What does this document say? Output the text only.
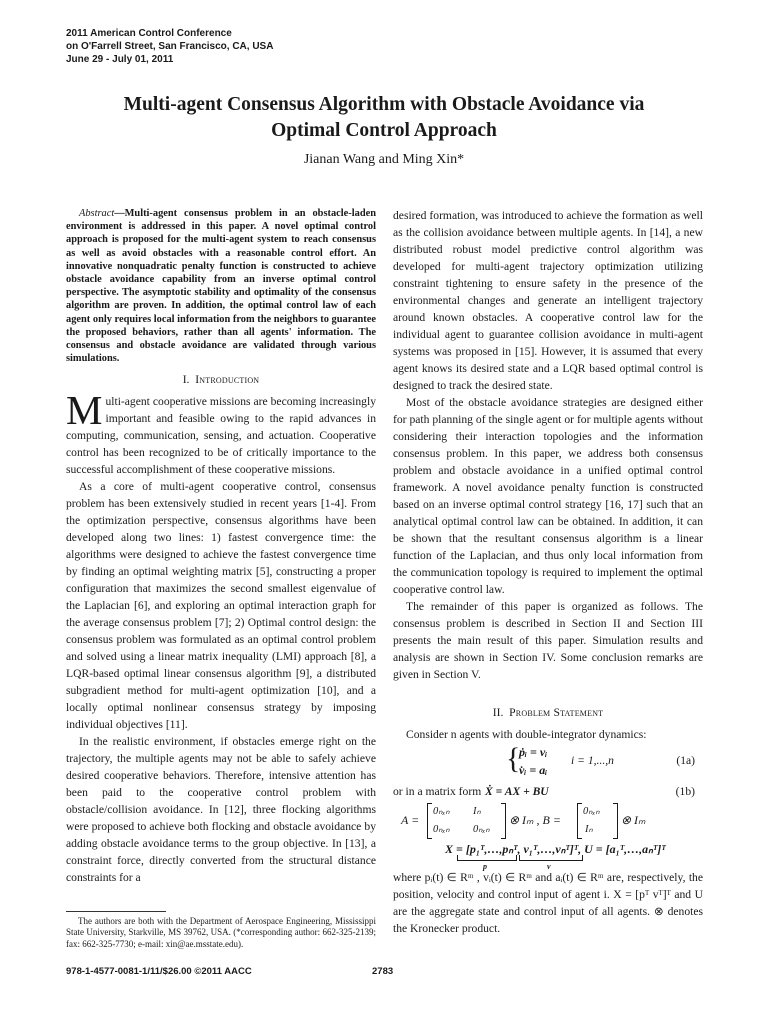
2011 American Control Conference
on O'Farrell Street, San Francisco, CA, USA
June 29 - July 01, 2011
Multi-agent Consensus Algorithm with Obstacle Avoidance via
Optimal Control Approach
Jianan Wang and Ming Xin*

Abstract—Multi-agent consensus problem in an obstacle-laden environment is addressed in this paper. A novel optimal control approach is proposed for the multi-agent system to reach consensus as well as avoid obstacles with a reasonable control effort. An innovative nonquadratic penalty function is constructed to achieve obstacle avoidance capability from an inverse optimal control perspective. The asymptotic stability and optimality of the consensus algorithm are proven. In addition, the optimal control law of each agent only requires local information from the neighbors to guarantee the proposed behaviors, rather than all agents' information. The consensus and obstacle avoidance are validated through various simulations.

I. Introduction

Multi-agent cooperative missions are becoming increasingly important and feasible owing to the rapid advances in computing, communication, sensing, and actuation. Cooperative control has been recognized to be of critically importance to the successful accomplishment of these cooperative missions.

As a core of multi-agent cooperative control, consensus problem has been extensively studied in recent years [1-4]. From the optimization perspective, consensus algorithms have been developed along two lines: 1) fastest convergence time: the algorithms were designed to achieve the fastest convergence time by finding an optimal weighting matrix [5], constructing a proper configuration that maximizes the second smallest eigenvalue of the Laplacian [6], and exploring an optimal interaction graph for the average consensus problem [7]; 2) Optimal control design: the consensus problem was formulated as an optimal control problem and solved using a linear matrix inequality (LMI) approach [8], a LQR-based optimal linear consensus algorithm [9], a distributed subgradient method for multi-agent optimization [10], and a locally optimal nonlinear consensus strategy by imposing individual objectives [11].

In the realistic environment, if obstacles emerge right on the trajectory, the multiple agents may not be able to safely achieve desired cooperative behaviors. Therefore, intensive attention has been paid to the cooperative control problem with obstacle/collision avoidance. In [12], three flocking algorithms were proposed to achieve both flocking and obstacle avoidance by adding obstacle avoidance terms to the group objective. In [13], a constraint force, directly converted from the structural distance constraints for a

desired formation, was introduced to achieve the formation as well as the collision avoidance between multiple agents. In [14], a new distributed robust model predictive control algorithm was developed for multi-agent trajectory optimization utilizing constraint tightening to ensure safety in the presence of the environmental changes and generate an intelligent trajectory around known obstacles. A cooperative control law for the individual agent to guarantee collision avoidance in multi-agent systems was proposed in [15]. However, it is assumed that every agent knows its desired state and a LQR based optimal control is designed to track the desired state.

Most of the obstacle avoidance strategies are designed either for path planning of the single agent or for multiple agents without considering their interaction topologies and the information consensus problem. In this paper, we address both consensus problem and obstacle avoidance in a unified optimal control framework. A novel avoidance penalty function is constructed based on an inverse optimal control strategy [16, 17] such that an analytical optimal control law can be obtained. In addition, it can be shown that the resultant consensus algorithm is a linear function of the Laplacian, and thus only local information from the communication topology is required to implement the optimal cooperative control law.

The remainder of this paper is organized as follows. The consensus problem is described in Section II and Section III presents the main result of this paper. Simulation results and analysis are shown in Section IV. Some conclusion remarks are given in Section V.

II. Problem Statement

Consider n agents with double-integrator dynamics:

{
ṗᵢ = vᵢ
v̇ᵢ = aᵢ
i = 1,...,n	(1a)
or in a matrix form Ẋ = AX + BU	(1b)
A =
0ₙₓₙ Iₙ
0ₙₓₙ 0ₙₓₙ
⊗ Iₘ , B =
0ₙₓₙ
Iₙ
⊗ Iₘ
X = [p₁ᵀ,…,pₙᵀ, v₁ᵀ,…,vₙᵀ]ᵀ, U = [a₁ᵀ,…,aₙᵀ]ᵀ
p	v

where pᵢ(t) ∈ Rᵐ , vᵢ(t) ∈ Rᵐ and aᵢ(t) ∈ Rᵐ are, respectively, the position, velocity and control input of agent i. X = [pᵀ vᵀ]ᵀ and U are the aggregate state and control input of all agents. ⊗ denotes the Kronecker product.

The authors are both with the Department of Aerospace Engineering, Mississippi State University, Starkville, MS 39762, USA. (*corresponding author: 662-325-2139; fax: 662-325-7730; e-mail: xin@ae.msstate.edu).
978-1-4577-0081-1/11/$26.00 ©2011 AACC	2783
